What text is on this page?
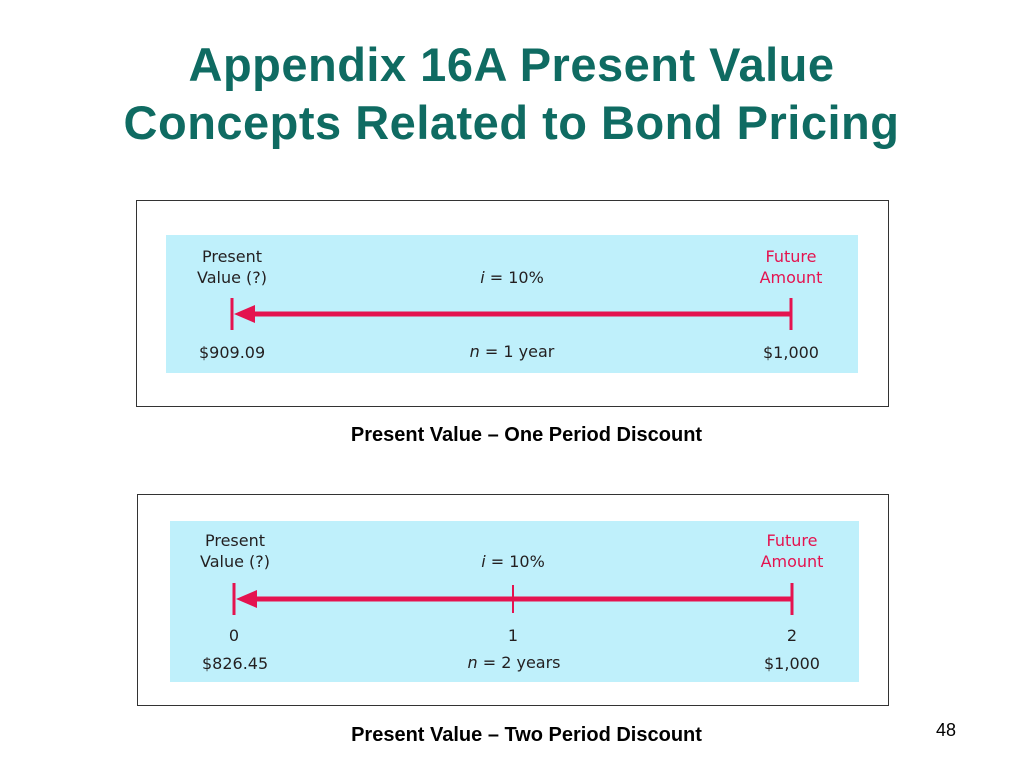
Appendix 16A Present Value
Concepts Related to Bond Pricing
Present
Value (?)
Future
Amount
i = 10%
$909.09	n = 1 year	$1,000
Present Value – One Period Discount
Present
Value (?)
Future
Amount
i = 10%
0	1	2
$826.45	n = 2 years	$1,000
Present Value – Two Period Discount	48
